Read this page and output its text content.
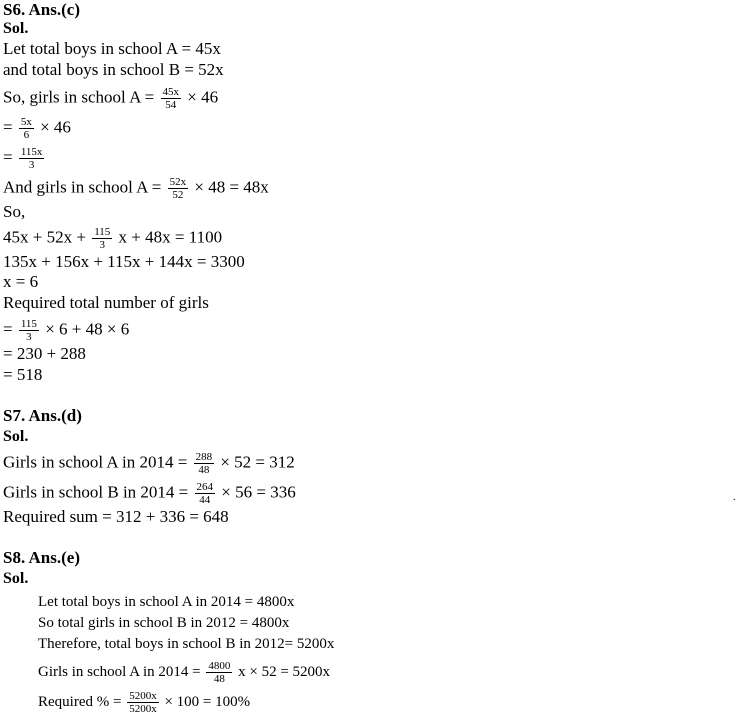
S6. Ans.(c)
Sol.
Let total boys in school A = 45x
and total boys in school B = 52x
So, girls in school $A = \frac{45x}{54} \times 46$
= $\frac{5x}{6} \times 46$
= $\frac{115x}{3}$
And girls in school $A = \frac{52x}{52} \times 48 = 48x$
So,
$45x + 52x + \frac{115}{3}$ x + 48x = 1100
135x + 156x + 115x + 144x = 3300
x = 6
Required total number of girls
= $\frac{115}{3} \times 6 + 48 \times 6$
= 230 + 288
= 518
S7. Ans.(d)
Sol.
Girls in school A in $2014 = \frac{288}{48} \times 52 = 312$
Girls in school B in $2014 = \frac{264}{44} \times 56 = 336$
Required sum = 312 + 336 = 648
S8. Ans.(e)
Sol.
Let total boys in school A in 2014 = 4800x
So total girls in school B in 2012 = 4800x
Therefore, total boys in school B in 2012= 5200x
Girls in school A in $2014 = \frac{4800}{48}$ x × 52 = 5200x
Required % = $\frac{5200x}{5200x} \times 100 = 100\%$
.
